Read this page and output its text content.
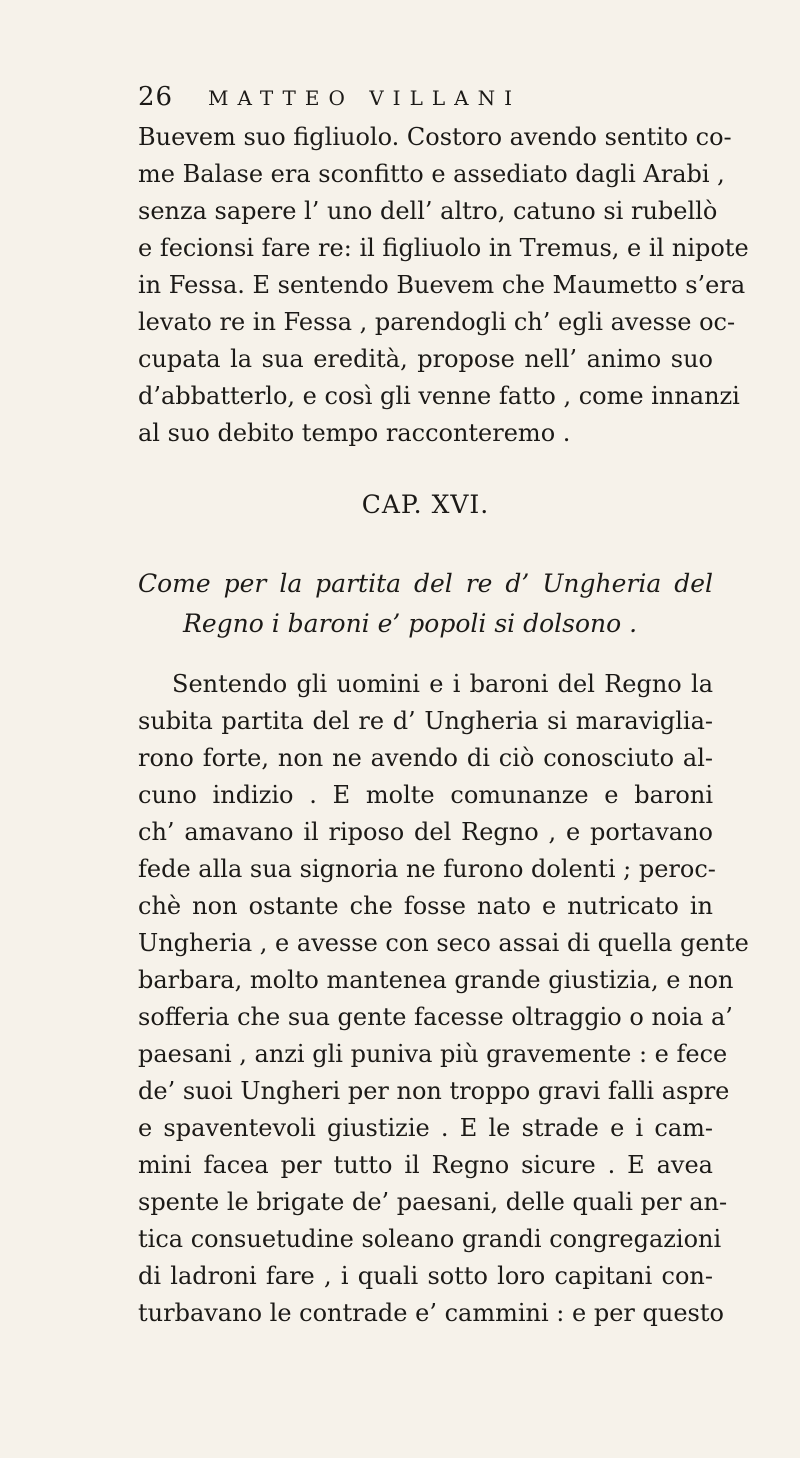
26 MATTEO VILLANI
Buevem suo figliuolo. Costoro avendo sentito co-
me Balase era sconfitto e assediato dagli Arabi ,
senza sapere l’ uno dell’ altro, catuno si rubellò
e fecionsi fare re: il figliuolo in Tremus, e il nipote
in Fessa. E sentendo Buevem che Maumetto s’era
levato re in Fessa , parendogli ch’ egli avesse oc-
cupata la sua eredità, propose nell’ animo suo
d’abbatterlo, e così gli venne fatto , come innanzi
al suo debito tempo racconteremo .
CAP. XVI.
Come per la partita del re d’ Ungheria del
Regno i baroni e’ popoli si dolsono .
Sentendo gli uomini e i baroni del Regno la
subita partita del re d’ Ungheria si maraviglia-
rono forte, non ne avendo di ciò conosciuto al-
cuno indizio . E molte comunanze e baroni
ch’ amavano il riposo del Regno , e portavano
fede alla sua signoria ne furono dolenti ; peroc-
chè non ostante che fosse nato e nutricato in
Ungheria , e avesse con seco assai di quella gente
barbara, molto mantenea grande giustizia, e non
sofferia che sua gente facesse oltraggio o noia a’
paesani , anzi gli puniva più gravemente : e fece
de’ suoi Ungheri per non troppo gravi falli aspre
e spaventevoli giustizie . E le strade e i cam-
mini facea per tutto il Regno sicure . E avea
spente le brigate de’ paesani, delle quali per an-
tica consuetudine soleano grandi congregazioni
di ladroni fare , i quali sotto loro capitani con-
turbavano le contrade e’ cammini : e per questo
